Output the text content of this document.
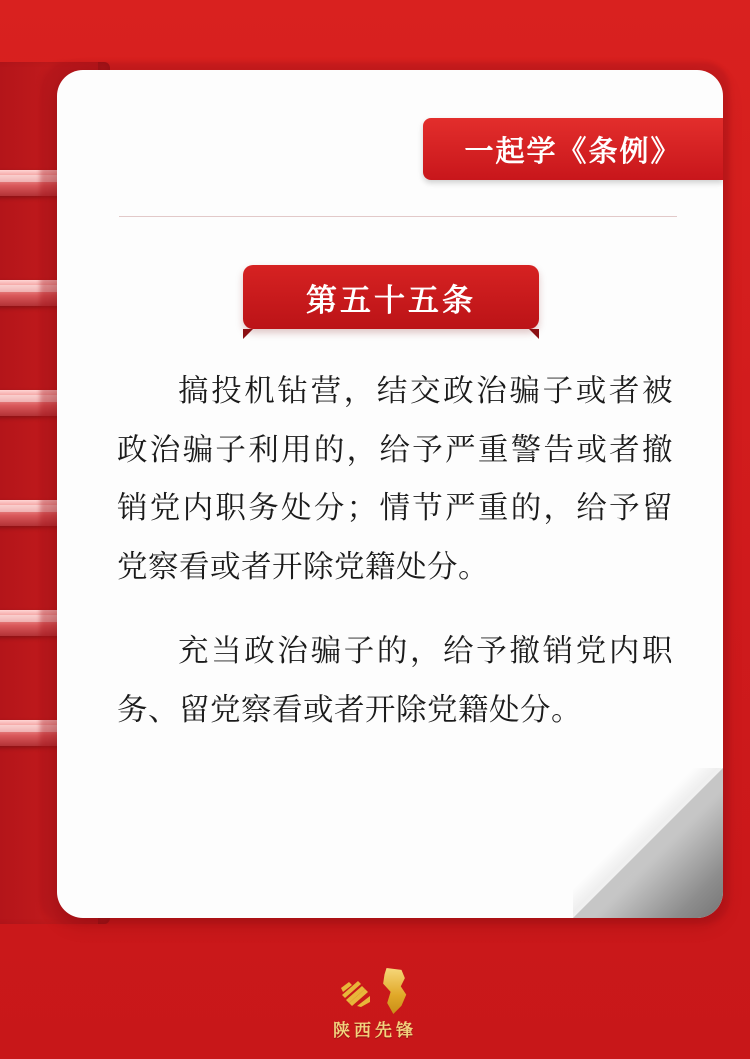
一起学《条例》
第五十五条

搞投机钻营，结交政治骗子或者被政治骗子利用的，给予严重警告或者撤销党内职务处分；情节严重的，给予留党察看或者开除党籍处分。

充当政治骗子的，给予撤销党内职务、留党察看或者开除党籍处分。

陕西先锋
